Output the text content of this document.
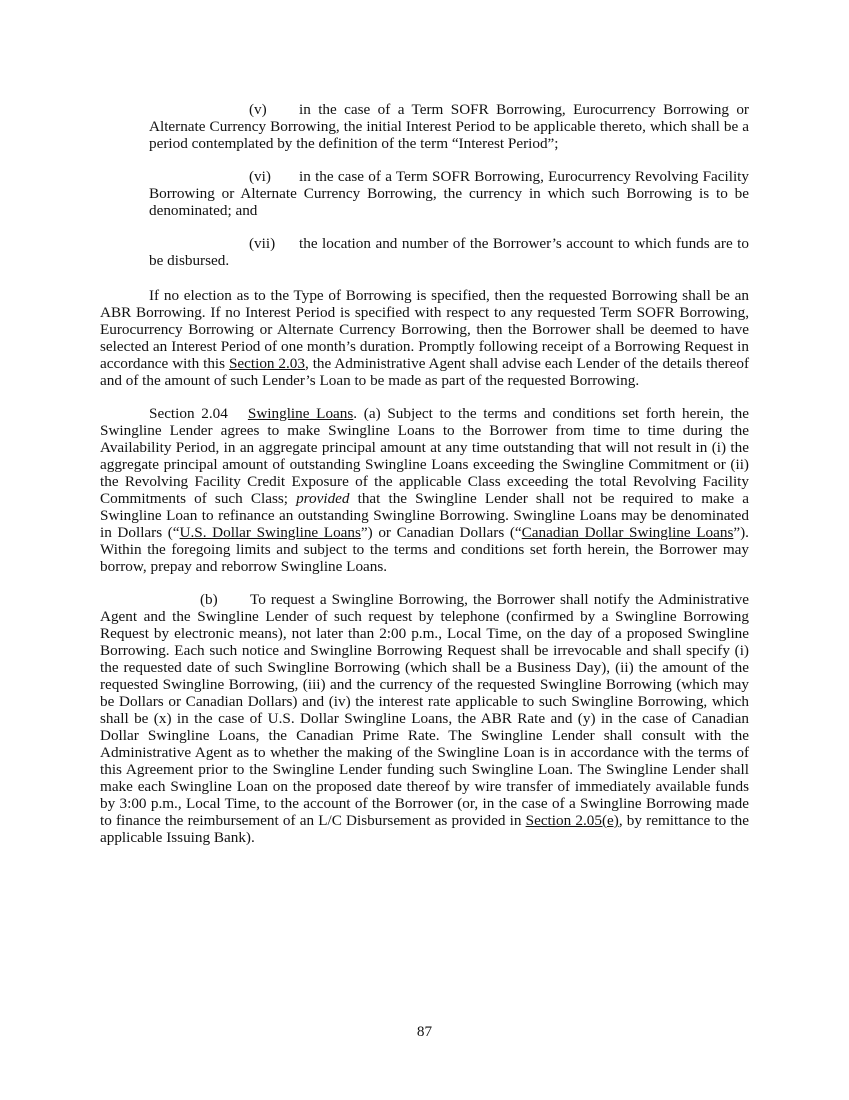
(v) in the case of a Term SOFR Borrowing, Eurocurrency Borrowing or Alternate Currency Borrowing, the initial Interest Period to be applicable thereto, which shall be a period contemplated by the definition of the term “Interest Period”;

(vi) in the case of a Term SOFR Borrowing, Eurocurrency Revolving Facility Borrowing or Alternate Currency Borrowing, the currency in which such Borrowing is to be denominated; and

(vii) the location and number of the Borrower’s account to which funds are to be disbursed.

If no election as to the Type of Borrowing is specified, then the requested Borrowing shall be an ABR Borrowing. If no Interest Period is specified with respect to any requested Term SOFR Borrowing, Eurocurrency Borrowing or Alternate Currency Borrowing, then the Borrower shall be deemed to have selected an Interest Period of one month’s duration. Promptly following receipt of a Borrowing Request in accordance with this Section 2.03, the Administrative Agent shall advise each Lender of the details thereof and of the amount of such Lender’s Loan to be made as part of the requested Borrowing.

Section 2.04 Swingline Loans. (a) Subject to the terms and conditions set forth herein, the Swingline Lender agrees to make Swingline Loans to the Borrower from time to time during the Availability Period, in an aggregate principal amount at any time outstanding that will not result in (i) the aggregate principal amount of outstanding Swingline Loans exceeding the Swingline Commitment or (ii) the Revolving Facility Credit Exposure of the applicable Class exceeding the total Revolving Facility Commitments of such Class; provided that the Swingline Lender shall not be required to make a Swingline Loan to refinance an outstanding Swingline Borrowing. Swingline Loans may be denominated in Dollars (“U.S. Dollar Swingline Loans”) or Canadian Dollars (“Canadian Dollar Swingline Loans”). Within the foregoing limits and subject to the terms and conditions set forth herein, the Borrower may borrow, prepay and reborrow Swingline Loans.

(b) To request a Swingline Borrowing, the Borrower shall notify the Administrative Agent and the Swingline Lender of such request by telephone (confirmed by a Swingline Borrowing Request by electronic means), not later than 2:00 p.m., Local Time, on the day of a proposed Swingline Borrowing. Each such notice and Swingline Borrowing Request shall be irrevocable and shall specify (i) the requested date of such Swingline Borrowing (which shall be a Business Day), (ii) the amount of the requested Swingline Borrowing, (iii) and the currency of the requested Swingline Borrowing (which may be Dollars or Canadian Dollars) and (iv) the interest rate applicable to such Swingline Borrowing, which shall be (x) in the case of U.S. Dollar Swingline Loans, the ABR Rate and (y) in the case of Canadian Dollar Swingline Loans, the Canadian Prime Rate. The Swingline Lender shall consult with the Administrative Agent as to whether the making of the Swingline Loan is in accordance with the terms of this Agreement prior to the Swingline Lender funding such Swingline Loan. The Swingline Lender shall make each Swingline Loan on the proposed date thereof by wire transfer of immediately available funds by 3:00 p.m., Local Time, to the account of the Borrower (or, in the case of a Swingline Borrowing made to finance the reimbursement of an L/C Disbursement as provided in Section 2.05(e), by remittance to the applicable Issuing Bank).

87
